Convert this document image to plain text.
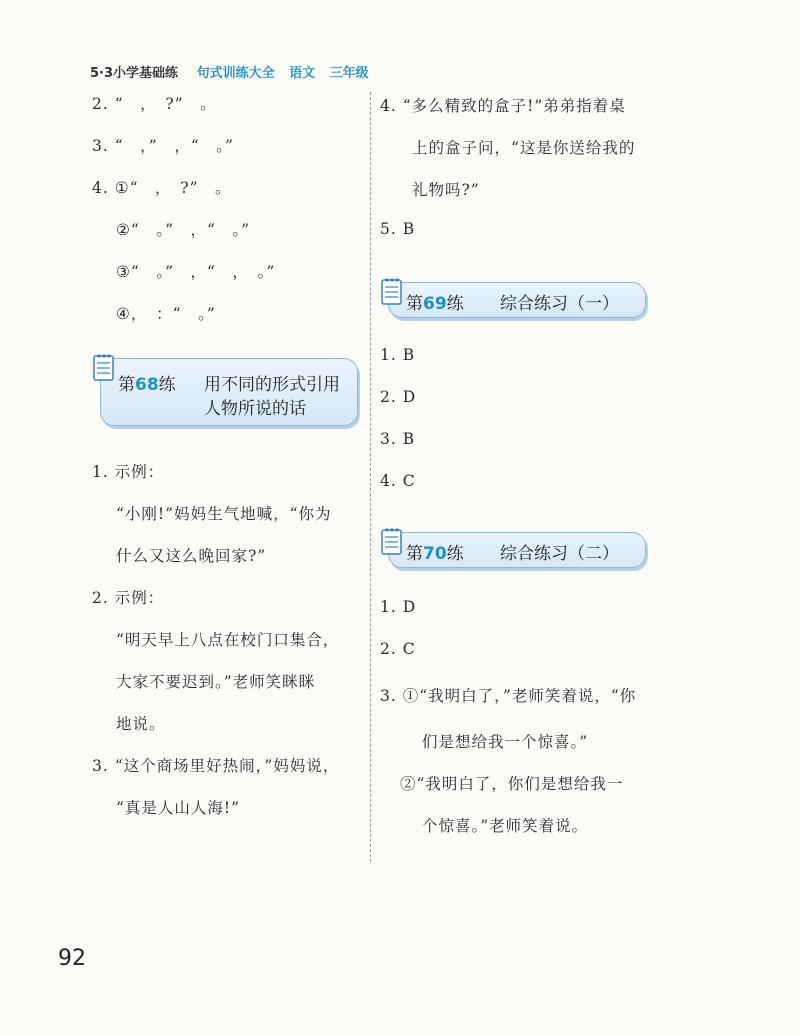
5·3小学基础练 句式训练大全 语文 三年级
2. “　，　?”　。
3. “　，”　，“　。”
4. ①“　，　?”　。
②“　。”　，“　。”
③“　。”　，“　，　。”
④，　：“　。”
第68练 用不同的形式引用
人物所说的话
1. 示例：
“小刚!”妈妈生气地喊，“你为
什么又这么晚回家?”
2. 示例：
“明天早上八点在校门口集合，
大家不要迟到。”老师笑眯眯
地说。
3. “这个商场里好热闹，”妈妈说，
“真是人山人海!”
4. “多么精致的盒子!”弟弟指着桌
上的盒子问，“这是你送给我的
礼物吗?”
5. B
第69练 综合练习（一）
1. B
2. D
3. B
4. C
第70练 综合练习（二）
1. D
2. C
3. ①“我明白了，”老师笑着说，“你
们是想给我一个惊喜。”
②“我明白了，你们是想给我一
个惊喜。”老师笑着说。
92
